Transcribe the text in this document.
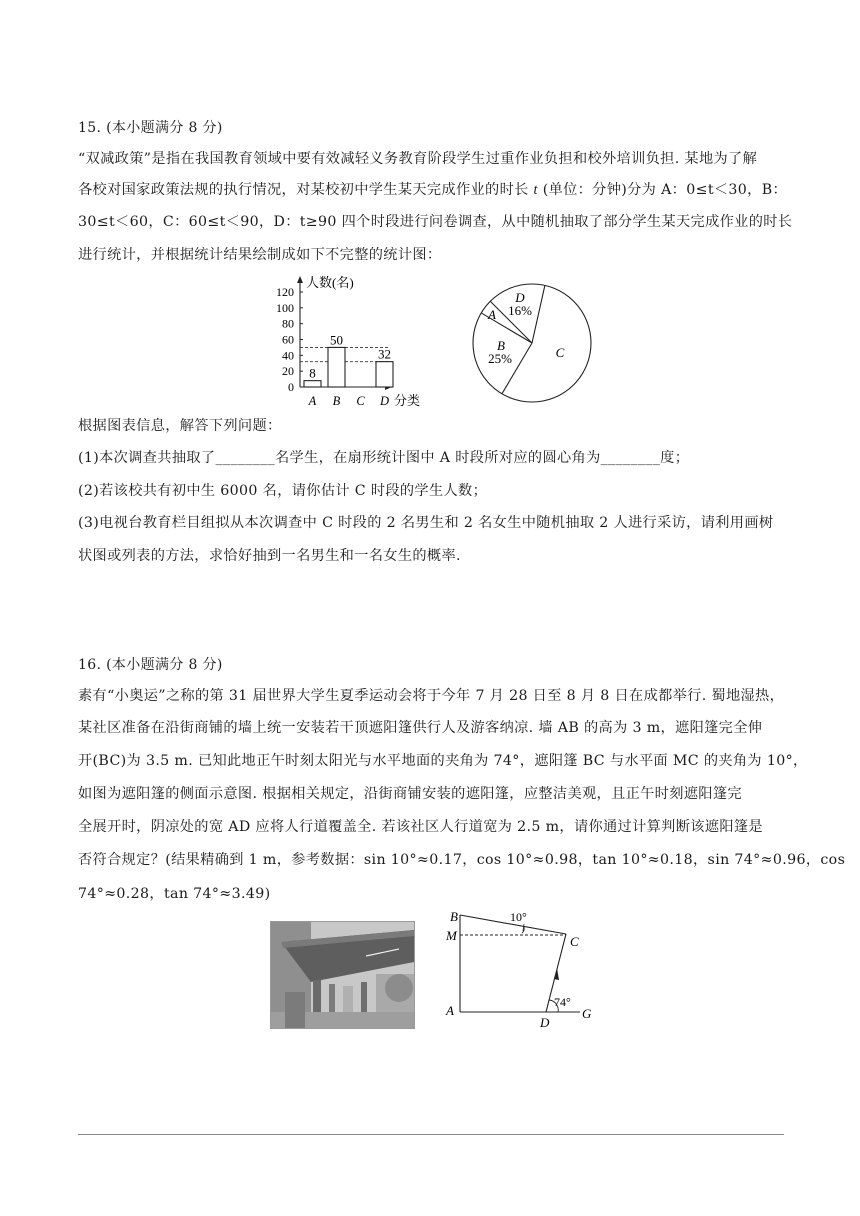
15. (本小题满分 8 分)
“双减政策”是指在我国教育领域中要有效减轻义务教育阶段学生过重作业负担和校外培训负担. 某地为了解
各校对国家政策法规的执行情况，对某校初中学生某天完成作业的时长 t (单位：分钟)分为 A：0≤t＜30，B：
30≤t＜60，C：60≤t＜90，D：t≥90 四个时段进行问卷调查，从中随机抽取了部分学生某天完成作业的时长
进行统计，并根据统计结果绘制成如下不完整的统计图：
人数(名)
分类
0
20
40
60
80
100
120
8
A
50
B C
32
D
D
16%
A
B
25%	C
根据图表信息，解答下列问题：
(1)本次调查共抽取了________名学生，在扇形统计图中 A 时段所对应的圆心角为________度；
(2)若该校共有初中生 6000 名，请你估计 C 时段的学生人数；
(3)电视台教育栏目组拟从本次调查中 C 时段的 2 名男生和 2 名女生中随机抽取 2 人进行采访，请利用画树
状图或列表的方法，求恰好抽到一名男生和一名女生的概率.
16. (本小题满分 8 分)
素有“小奥运”之称的第 31 届世界大学生夏季运动会将于今年 7 月 28 日至 8 月 8 日在成都举行. 蜀地湿热，
某社区准备在沿街商铺的墙上统一安装若干顶遮阳篷供行人及游客纳凉. 墙 AB 的高为 3 m，遮阳篷完全伸
开(BC)为 3.5 m. 已知此地正午时刻太阳光与水平地面的夹角为 74°，遮阳篷 BC 与水平面 MC 的夹角为 10°，
如图为遮阳篷的侧面示意图. 根据相关规定，沿街商铺安装的遮阳篷，应整洁美观，且正午时刻遮阳篷完
全展开时，阴凉处的宽 AD 应将人行道覆盖全. 若该社区人行道宽为 2.5 m，请你通过计算判断该遮阳篷是
否符合规定？(结果精确到 1 m，参考数据：sin 10°≈0.17，cos 10°≈0.98，tan 10°≈0.18，sin 74°≈0.96，cos
74°≈0.28，tan 74°≈3.49)
B
M
A
C
D
G
10°
74°
